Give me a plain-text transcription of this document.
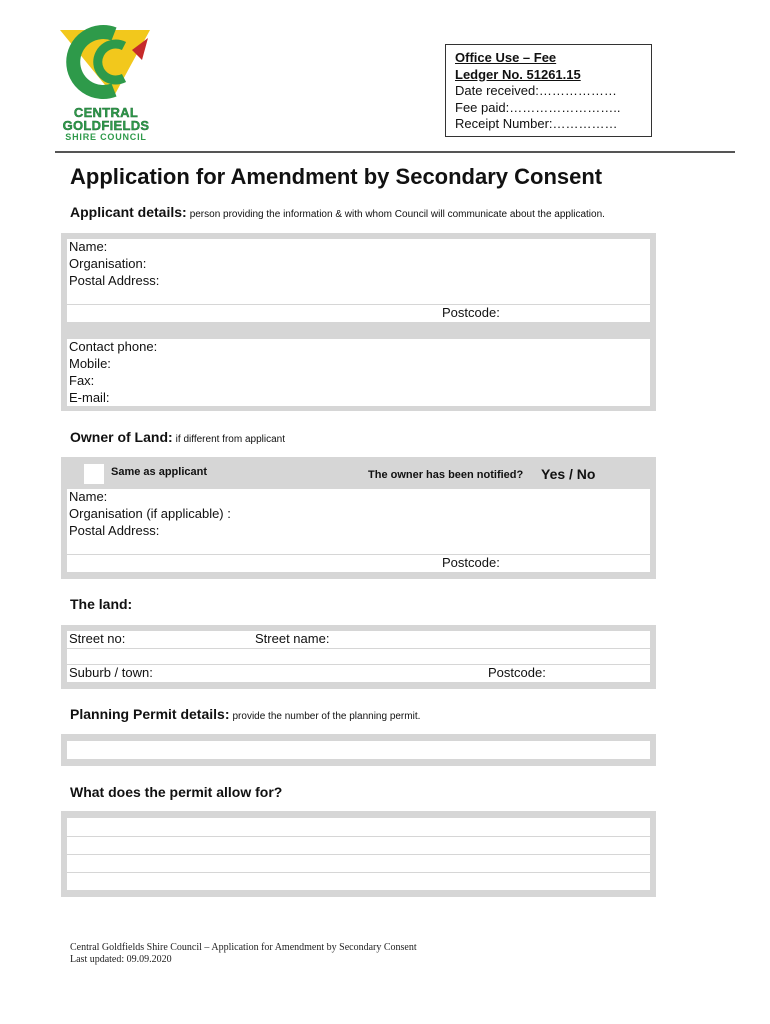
CENTRAL
GOLDFIELDS
SHIRE COUNCIL
Office Use – Fee
Ledger No. 51261.15
Date received:………………
Fee paid:……………………..
Receipt Number:……………
Application for Amendment by Secondary Consent
Applicant details: person providing the information & with whom Council will communicate about the application.
Name:
Organisation:
Postal Address:
Postcode:
Contact phone:
Mobile:
Fax:
E-mail:
Owner of Land: if different from applicant
Same as applicant	The owner has been notified? Yes / No
Name:
Organisation (if applicable) :
Postal Address:
Postcode:
The land:
Street no:	Street name:
Suburb / town:	Postcode:
Planning Permit details: provide the number of the planning permit.
What does the permit allow for?
Central Goldfields Shire Council – Application for Amendment by Secondary Consent
Last updated: 09.09.2020
